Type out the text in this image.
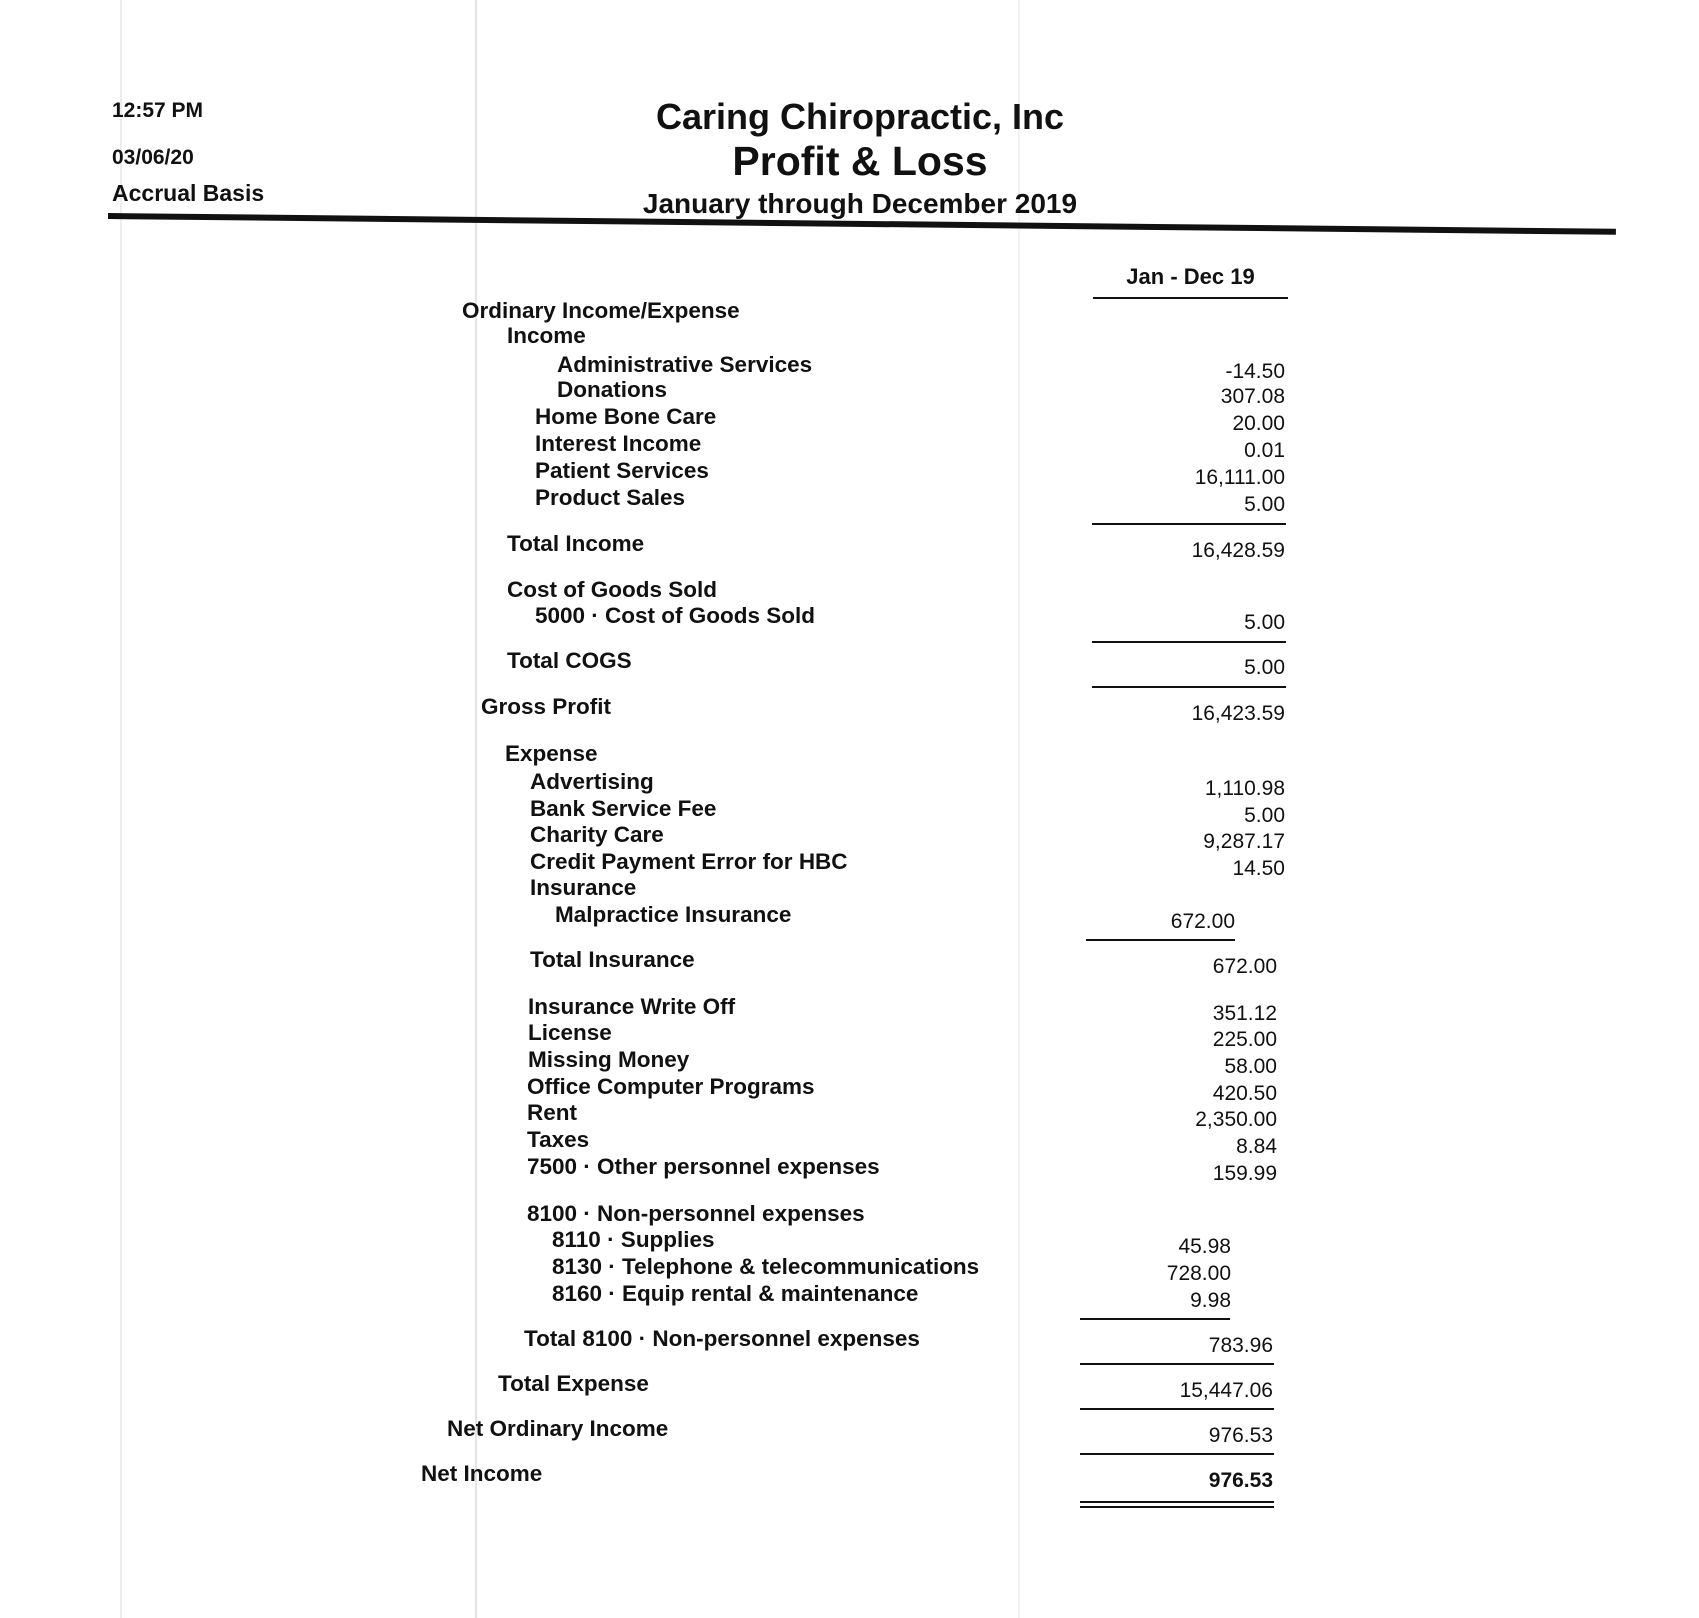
12:57 PM
03/06/20
Accrual Basis
Caring Chiropractic, Inc
Profit & Loss
January through December 2019
Jan - Dec 19
Ordinary Income/Expense
Income
Administrative Services	-14.50
Donations	307.08
Home Bone Care	20.00
Interest Income	0.01
Patient Services	16,111.00
Product Sales	5.00
Total Income	16,428.59
Cost of Goods Sold
5000 · Cost of Goods Sold	5.00
Total COGS	5.00
Gross Profit	16,423.59
Expense
Advertising	1,110.98
Bank Service Fee	5.00
Charity Care	9,287.17
Credit Payment Error for HBC	14.50
Insurance
Malpractice Insurance	672.00
Total Insurance	672.00
Insurance Write Off	351.12
License	225.00
Missing Money	58.00
Office Computer Programs	420.50
Rent	2,350.00
Taxes	8.84
7500 · Other personnel expenses	159.99
8100 · Non-personnel expenses
8110 · Supplies	45.98
8130 · Telephone & telecommunications	728.00
8160 · Equip rental & maintenance	9.98
Total 8100 · Non-personnel expenses	783.96
Total Expense	15,447.06
Net Ordinary Income	976.53
Net Income	976.53
